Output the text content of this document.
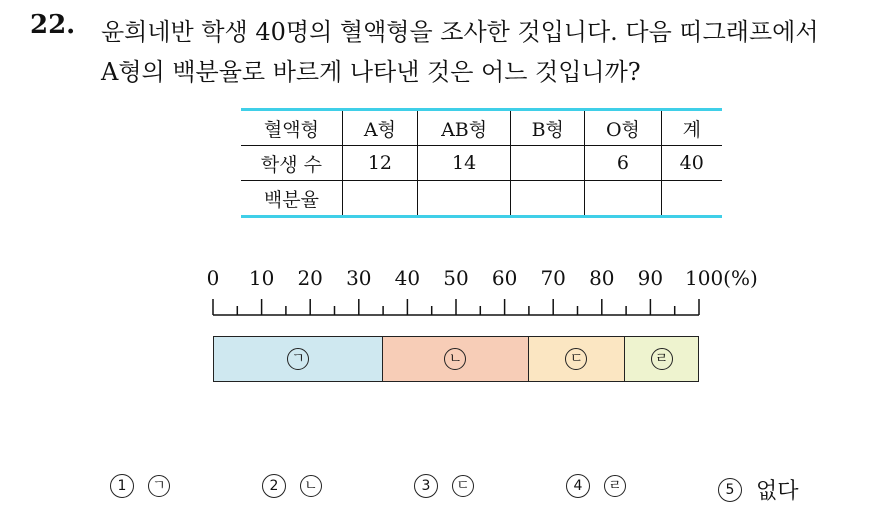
22. 윤희네반 학생 40명의 혈액형을 조사한 것입니다. 다음 띠그래프에서
A형의 백분율로 바르게 나타낸 것은 어느 것입니까?
혈액형	A형	AB형	B형	O형	계
학생 수	12	14		6	40
백분율					
0 10 20 30 40 50 60 70 80 90 100(%)
ㄱ	ㄴ	ㄷ	ㄹ
1	ㄱ	2	ㄴ	3	ㄷ	4	ㄹ	5 없다
